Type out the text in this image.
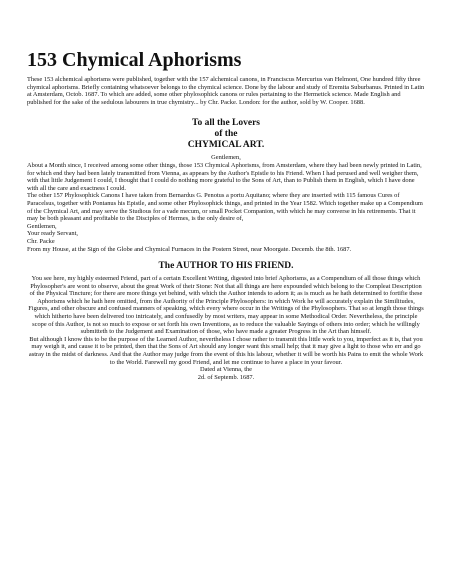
153 Chymical Aphorisms

These 153 alchemical aphorisms were published, together with the 157 alchemical canons, in Franciscus Mercurius van Helmont, One hundred fifty three chymical aphorisms. Briefly containing whatsoever belongs to the chymical science. Done by the labour and study of Eremita Suburbanus. Printed in Latin at Amsterdam, Octob. 1687. To which are added, some other phylosophick canons or rules pertaining to the Hermetick science. Made English and published for the sake of the sedulous labourers in true chymistry... by Chr. Packe. London: for the author, sold by W. Cooper. 1688.

To all the Lovers
of the
CHYMICAL ART.
Gentlemen,
About a Month since, I received among some other things, those 153 Chymical Aphorisms, from Amsterdam, where they had been newly printed in Latin, for which end they had been lately transmitted from Vienna, as appears by the Author's Epistle to his Friend. When I had perused and well weigher them, with that little Judgement I could, I thought that I could do nothing more grateful to the Sons of Art, than to Publish them in English, which I have done with all the care and exactness I could.
The other 157 Phylosophick Canons I have taken from Bernardus G. Penotus a portu Aquitano; where they are inserted with 115 famous Cures of Paracelsus, together with Pontanus his Epistle, and some other Phylosophick things, and printed in the Year 1582. Which together make up a Compendium of the Chymical Art, and may serve the Studious for a vade mecum, or small Pocket Companion, with which he may converse in his retirements. That it may be both pleasant and profitable to the Disciples of Hermes, is the only desire of,
Gentlemen,
Your ready Servant,
Chr. Packe
From my House, at the Sign of the Globe and Chymical Furnaces in the Postern Street, near Moorgate. Decemb. the 8th. 1687.
The AUTHOR TO HIS FRIEND.
You see here, my highly esteemed Friend, part of a certain Excellent Writing, digested into brief Aphorisms, as a Compendium of all those things which Phylosopher's are wont to observe, about the great Work of their Stone: Not that all things are here expounded which belong to the Compleat Description of the Physical Tincture; for there are more things yet behind, with which the Author intends to adorn it; as is much as he hath determined to fortifie these Aphorisms which he hath here omitted, from the Authority of the Principle Phylosophers: in which Work he will accurately explain the Similitudes, Figures, and other obscure and confused manners of speaking, which every where occur in the Writings of the Phylosophers. That so at length those things which hitherto have been delivered too intricately, and confusedly by most writers, may appear in some Methodical Order. Nevertheless, the principle scope of this Author, is not so much to expose or set forth his own Inventions, as to reduce the valuable Sayings of others into order; which he willingly submitteth to the Judgement and Examination of those, who have made a greater Progress in the Art than himself.
But although I know this to be the purpose of the Learned Author, nevertheless I chose rather to transmit this little work to you, imperfect as it is, that you may weigh it, and cause it to be printed, then that the Sons of Art should any longer want this small help; that it may give a light to those who err and go astray in the midst of darkness. And that the Author may judge from the event of this his labour, whether it will be worth his Pains to emit the whole Work to the World. Farewell my good Friend, and let me continue to have a place in your favour.
Dated at Vienna, the
2d. of Septemb. 1687.
